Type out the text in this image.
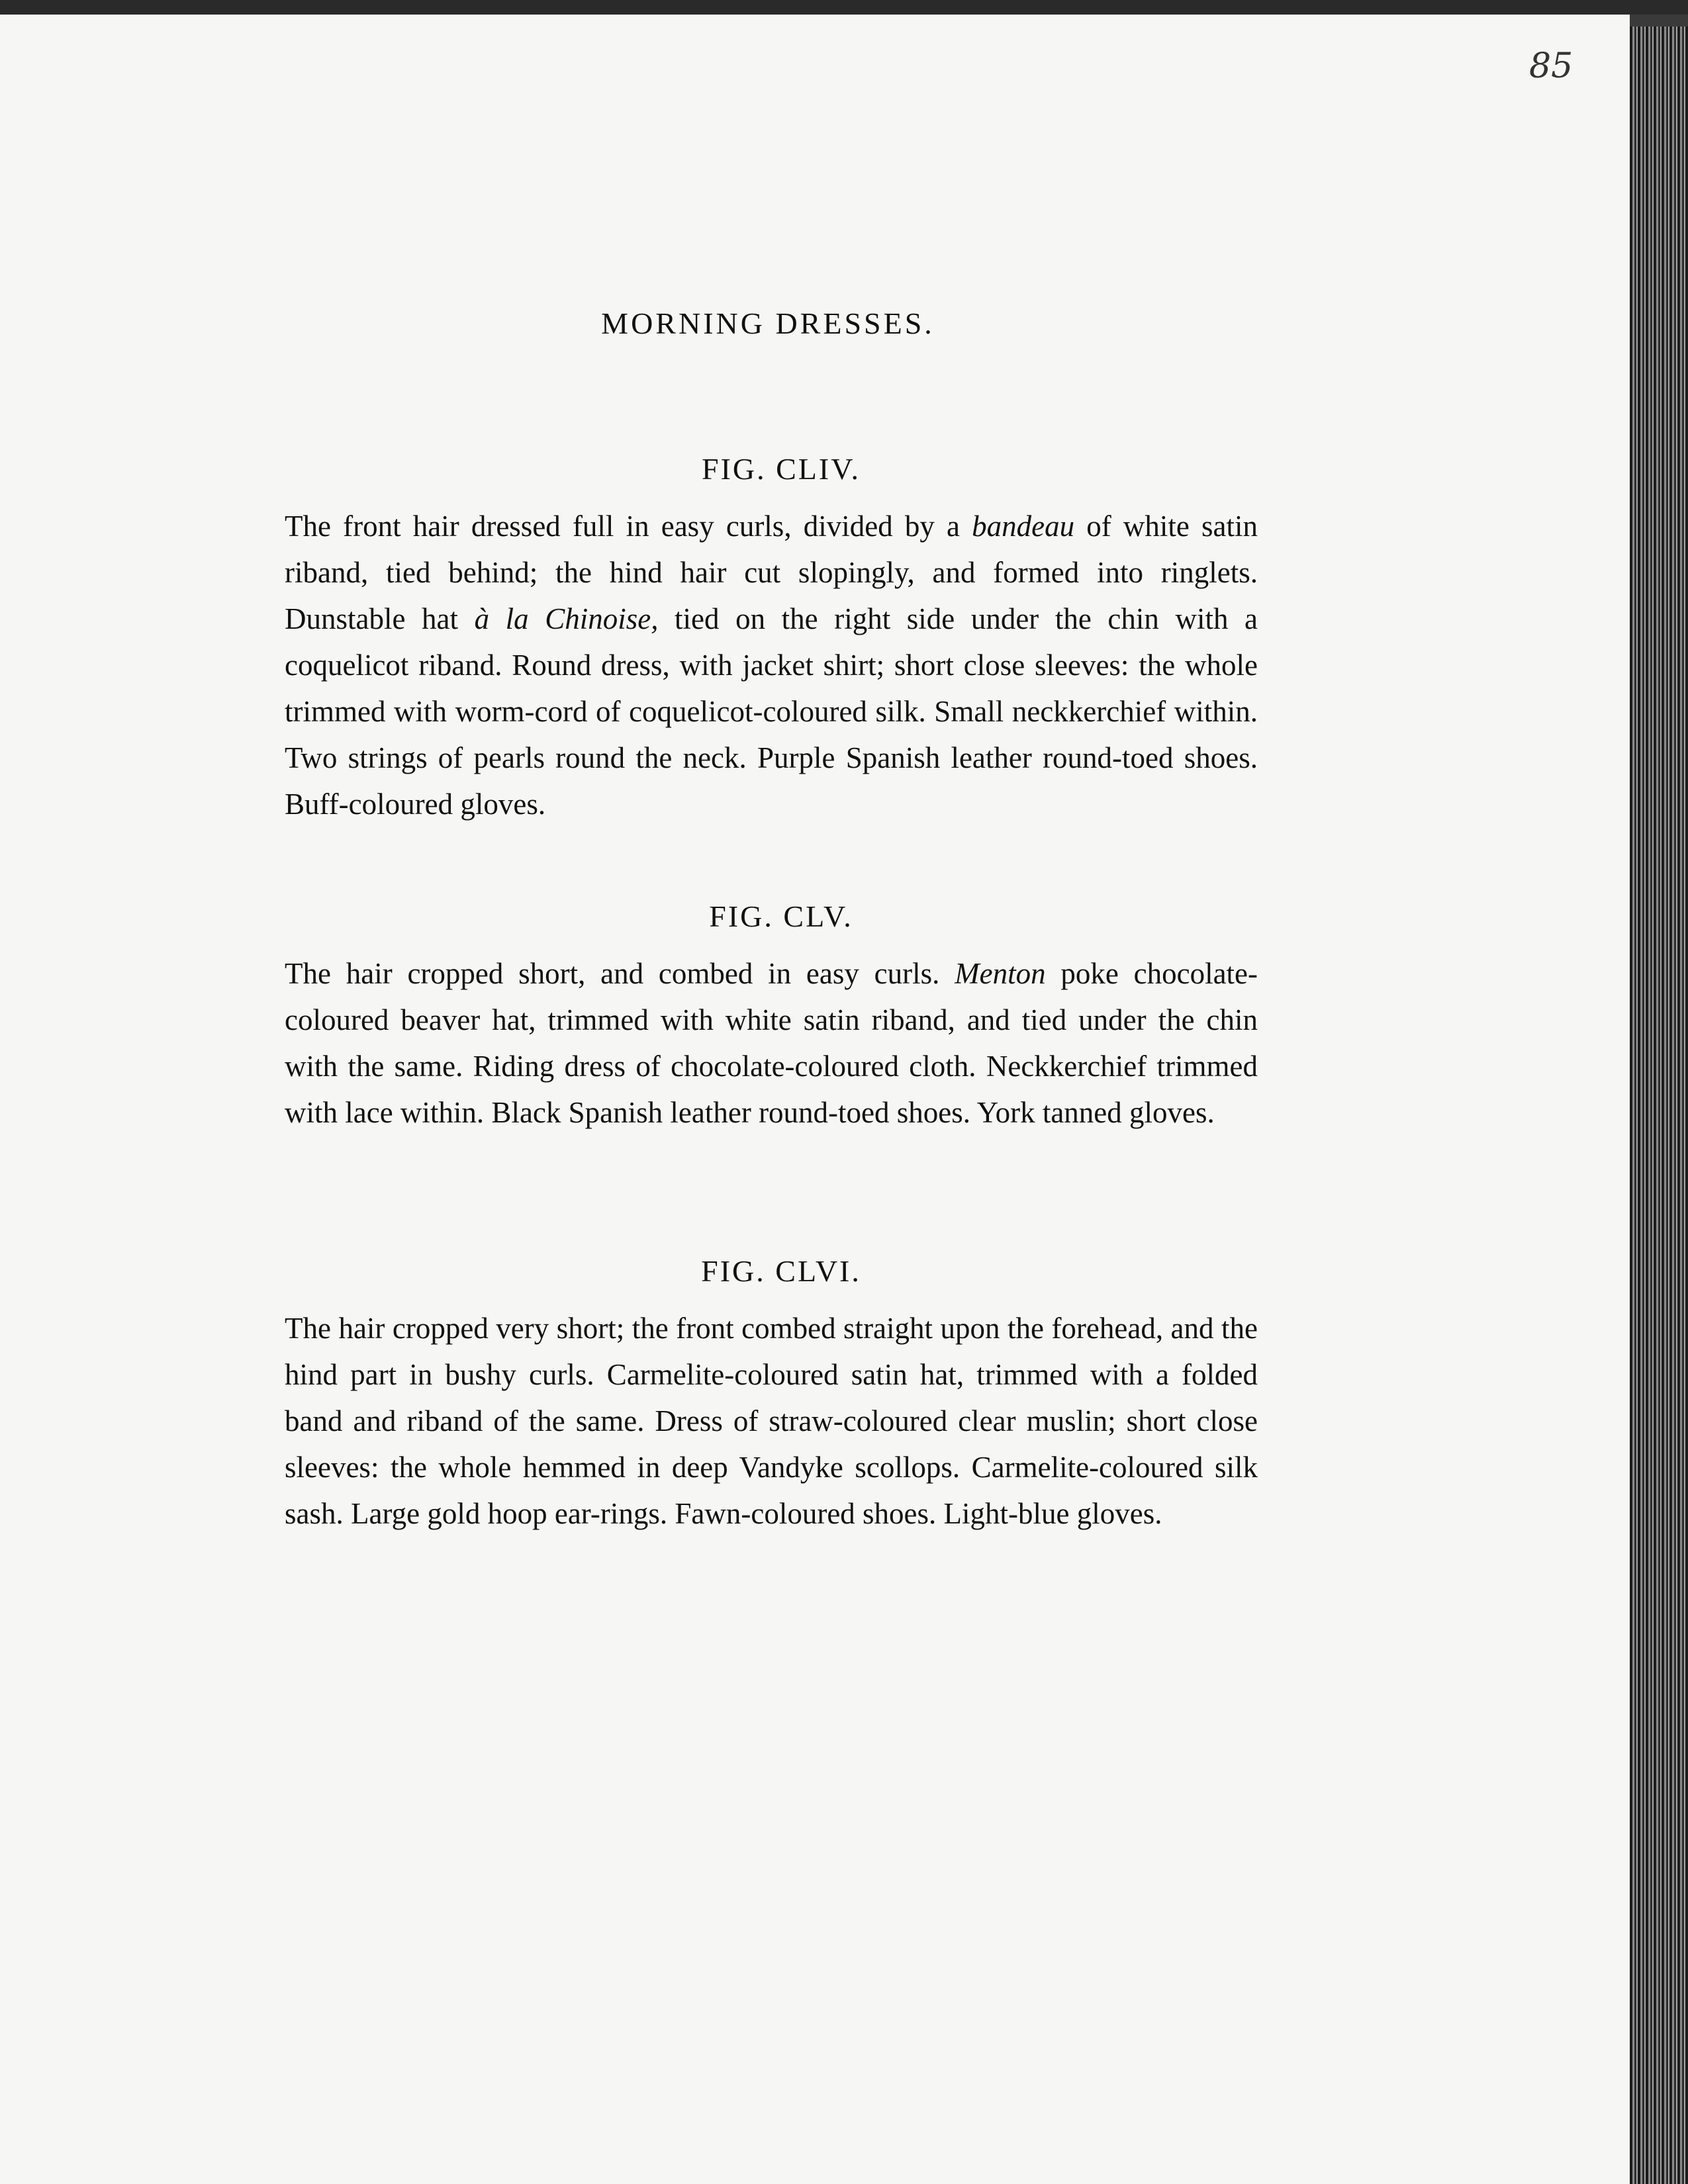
85
MORNING DRESSES.
FIG. CLIV.

The front hair dressed full in easy curls, divided by a bandeau of white satin riband, tied behind; the hind hair cut slopingly, and formed into ringlets. Dunstable hat à la Chinoise, tied on the right side under the chin with a coquelicot riband. Round dress, with jacket shirt; short close sleeves: the whole trimmed with worm-cord of coquelicot-coloured silk. Small neckkerchief within. Two strings of pearls round the neck. Purple Spanish leather round-toed shoes. Buff-coloured gloves.

FIG. CLV.

The hair cropped short, and combed in easy curls. Menton poke chocolate-coloured beaver hat, trimmed with white satin riband, and tied under the chin with the same. Riding dress of chocolate-coloured cloth. Neckkerchief trimmed with lace within. Black Spanish leather round-toed shoes. York tanned gloves.

FIG. CLVI.

The hair cropped very short; the front combed straight upon the forehead, and the hind part in bushy curls. Carmelite-coloured satin hat, trimmed with a folded band and riband of the same. Dress of straw-coloured clear muslin; short close sleeves: the whole hemmed in deep Vandyke scollops. Carmelite-coloured silk sash. Large gold hoop ear-rings. Fawn-coloured shoes. Light-blue gloves.
